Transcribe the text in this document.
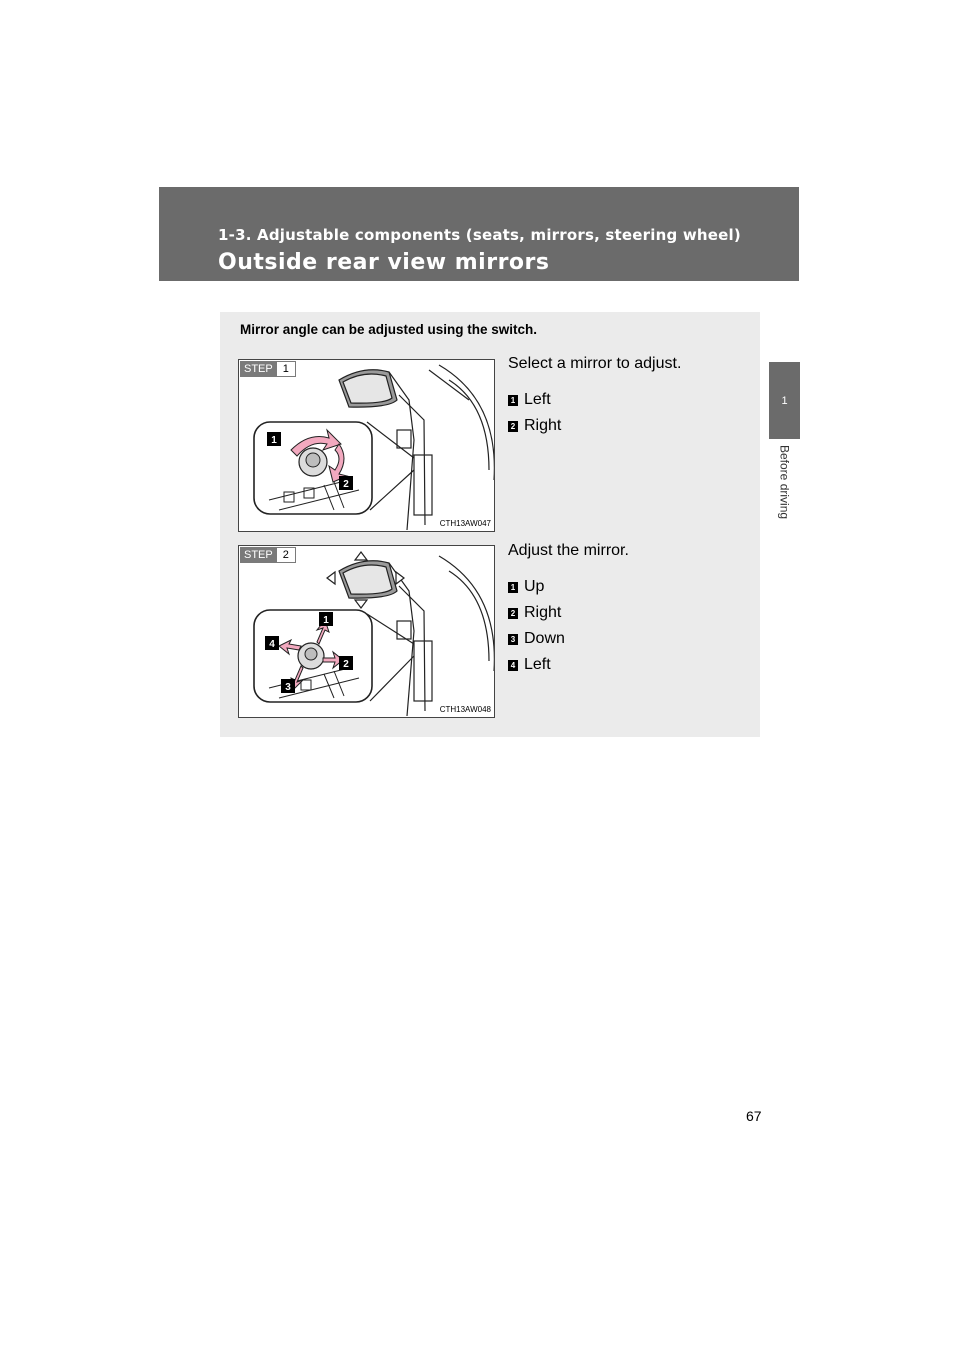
1-3. Adjustable components (seats, mirrors, steering wheel)
Outside rear view mirrors
1
Before driving
Mirror angle can be adjusted using the switch.
STEP 1
1
2
CTH13AW047

Select a mirror to adjust.

1 Left
2 Right
STEP 2
1
2
3
4
CTH13AW048

Adjust the mirror.

1 Up
2 Right
3 Down
4 Left
67
